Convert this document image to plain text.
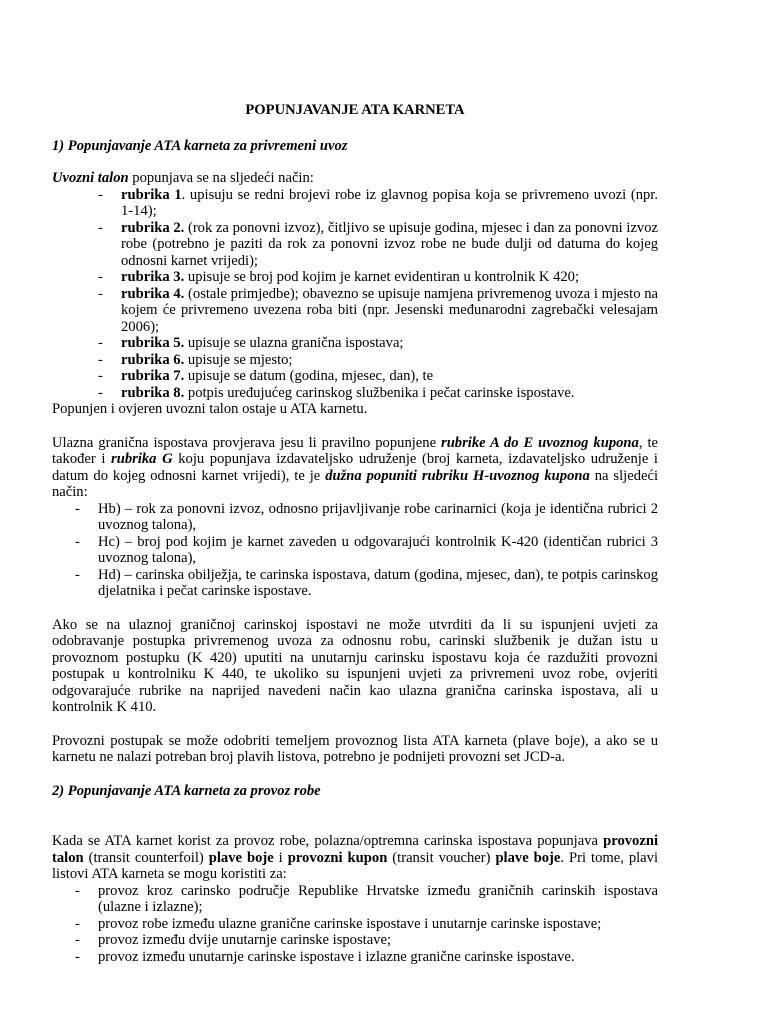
POPUNJAVANJE ATA KARNETA

1) Popunjavanje ATA karneta za privremeni uvoz

Uvozni talon popunjava se na sljedeći način:

- rubrika 1. upisuju se redni brojevi robe iz glavnog popisa koja se privremeno uvozi (npr. 1-14);
- rubrika 2. (rok za ponovni izvoz), čitljivo se upisuje godina, mjesec i dan za ponovni izvoz robe (potrebno je paziti da rok za ponovni izvoz robe ne bude dulji od datuma do kojeg odnosni karnet vrijedi);
- rubrika 3. upisuje se broj pod kojim je karnet evidentiran u kontrolnik K 420;
- rubrika 4. (ostale primjedbe); obavezno se upisuje namjena privremenog uvoza i mjesto na kojem će privremeno uvezena roba biti (npr. Jesenski međunarodni zagrebački velesajam 2006);
- rubrika 5. upisuje se ulazna granična ispostava;
- rubrika 6. upisuje se mjesto;
- rubrika 7. upisuje se datum (godina, mjesec, dan), te
- rubrika 8. potpis uređujućeg carinskog službenika i pečat carinske ispostave.

Popunjen i ovjeren uvozni talon ostaje u ATA karnetu.

Ulazna granična ispostava provjerava jesu li pravilno popunjene rubrike A do E uvoznog kupona, te također i rubrika G koju popunjava izdavateljsko udruženje (broj karneta, izdavateljsko udruženje i datum do kojeg odnosni karnet vrijedi), te je dužna popuniti rubriku H-uvoznog kupona na sljedeći način:

- Hb) – rok za ponovni izvoz, odnosno prijavljivanje robe carinarnici (koja je identična rubrici 2 uvoznog talona),
- Hc) – broj pod kojim je karnet zaveden u odgovarajući kontrolnik K-420 (identičan rubrici 3 uvoznog talona),
- Hd) – carinska obilježja, te carinska ispostava, datum (godina, mjesec, dan), te potpis carinskog djelatnika i pečat carinske ispostave.

Ako se na ulaznoj graničnoj carinskoj ispostavi ne može utvrditi da li su ispunjeni uvjeti za odobravanje postupka privremenog uvoza za odnosnu robu, carinski službenik je dužan istu u provoznom postupku (K 420) uputiti na unutarnju carinsku ispostavu koja će razdužiti provozni postupak u kontrolniku K 440, te ukoliko su ispunjeni uvjeti za privremeni uvoz robe, ovjeriti odgovarajuće rubrike na naprijed navedeni način kao ulazna granična carinska ispostava, ali u kontrolnik K 410.

Provozni postupak se može odobriti temeljem provoznog lista ATA karneta (plave boje), a ako se u karnetu ne nalazi potreban broj plavih listova, potrebno je podnijeti provozni set JCD-a.

2) Popunjavanje ATA karneta za provoz robe

Kada se ATA karnet korist za provoz robe, polazna/optremna carinska ispostava popunjava provozni talon (transit counterfoil) plave boje i provozni kupon (transit voucher) plave boje. Pri tome, plavi listovi ATA karneta se mogu koristiti za:

- provoz kroz carinsko područje Republike Hrvatske između graničnih carinskih ispostava (ulazne i izlazne);
- provoz robe između ulazne granične carinske ispostave i unutarnje carinske ispostave;
- provoz između dvije unutarnje carinske ispostave;
- provoz između unutarnje carinske ispostave i izlazne granične carinske ispostave.
